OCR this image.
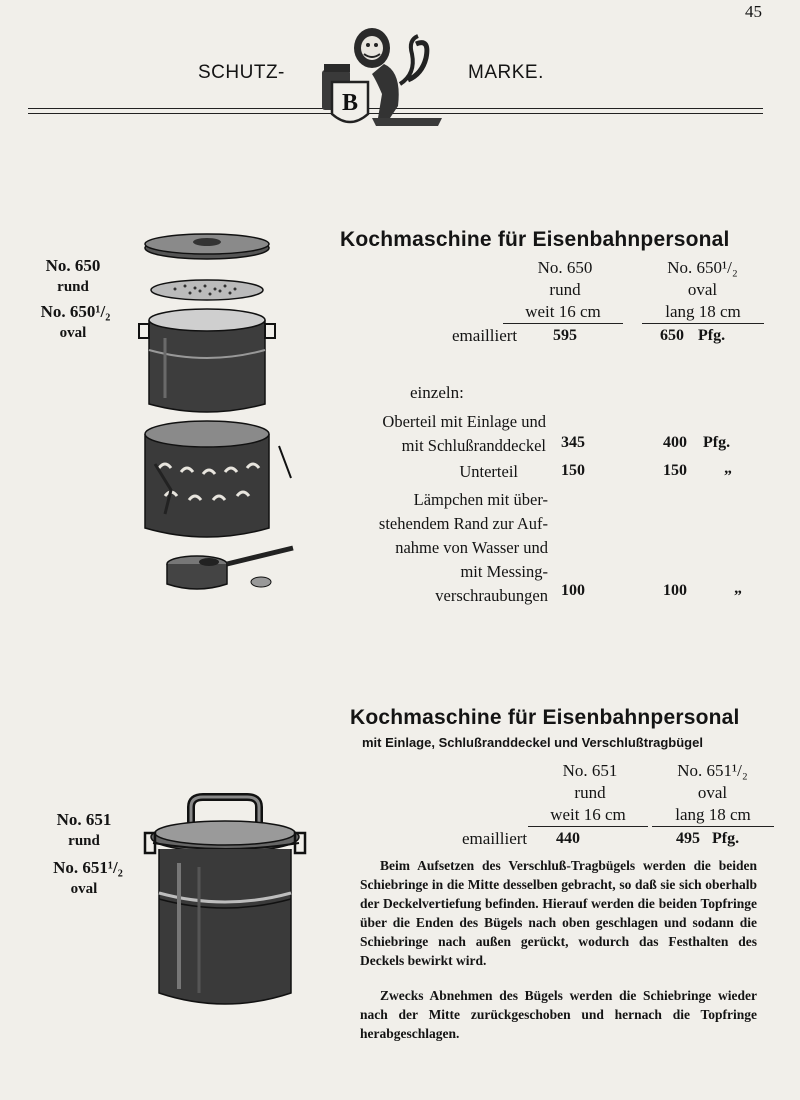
45
SCHUTZ-	MARKE.
B
No. 650
rund
No. 650¹/₂
oval
Kochmaschine für Eisenbahnpersonal
No. 650
rund
weit 16 cm
No. 650¹/₂
oval
lang 18 cm
emailliert 595	650 Pfg.
einzeln:
Oberteil mit Einlage und
mit Schlußranddeckel 345	400 Pfg.
Unterteil	150	150 „
Lämpchen mit über-
stehendem Rand zur Auf-
nahme von Wasser und
mit Messing-
verschraubungen 100	100	„
Kochmaschine für Eisenbahnpersonal
mit Einlage, Schlußranddeckel und Verschlußtragbügel
No. 651
rund
weit 16 cm
No. 651¹/₂
oval
lang 18 cm
emailliert 440	495 Pfg.
No. 651
rund
No. 651¹/₂
oval
Beim Aufsetzen des Verschluß-Tragbügels werden die beiden Schiebringe in die Mitte desselben gebracht, so daß sie sich oberhalb der Deckelvertiefung befinden. Hierauf werden die beiden Topfringe über die Enden des Bügels nach oben geschlagen und sodann die Schiebringe nach außen gerückt, wodurch das Festhalten des Deckels bewirkt wird.
Zwecks Abnehmen des Bügels werden die Schiebringe wieder nach der Mitte zurückgeschoben und hernach die Topfringe herabgeschlagen.
